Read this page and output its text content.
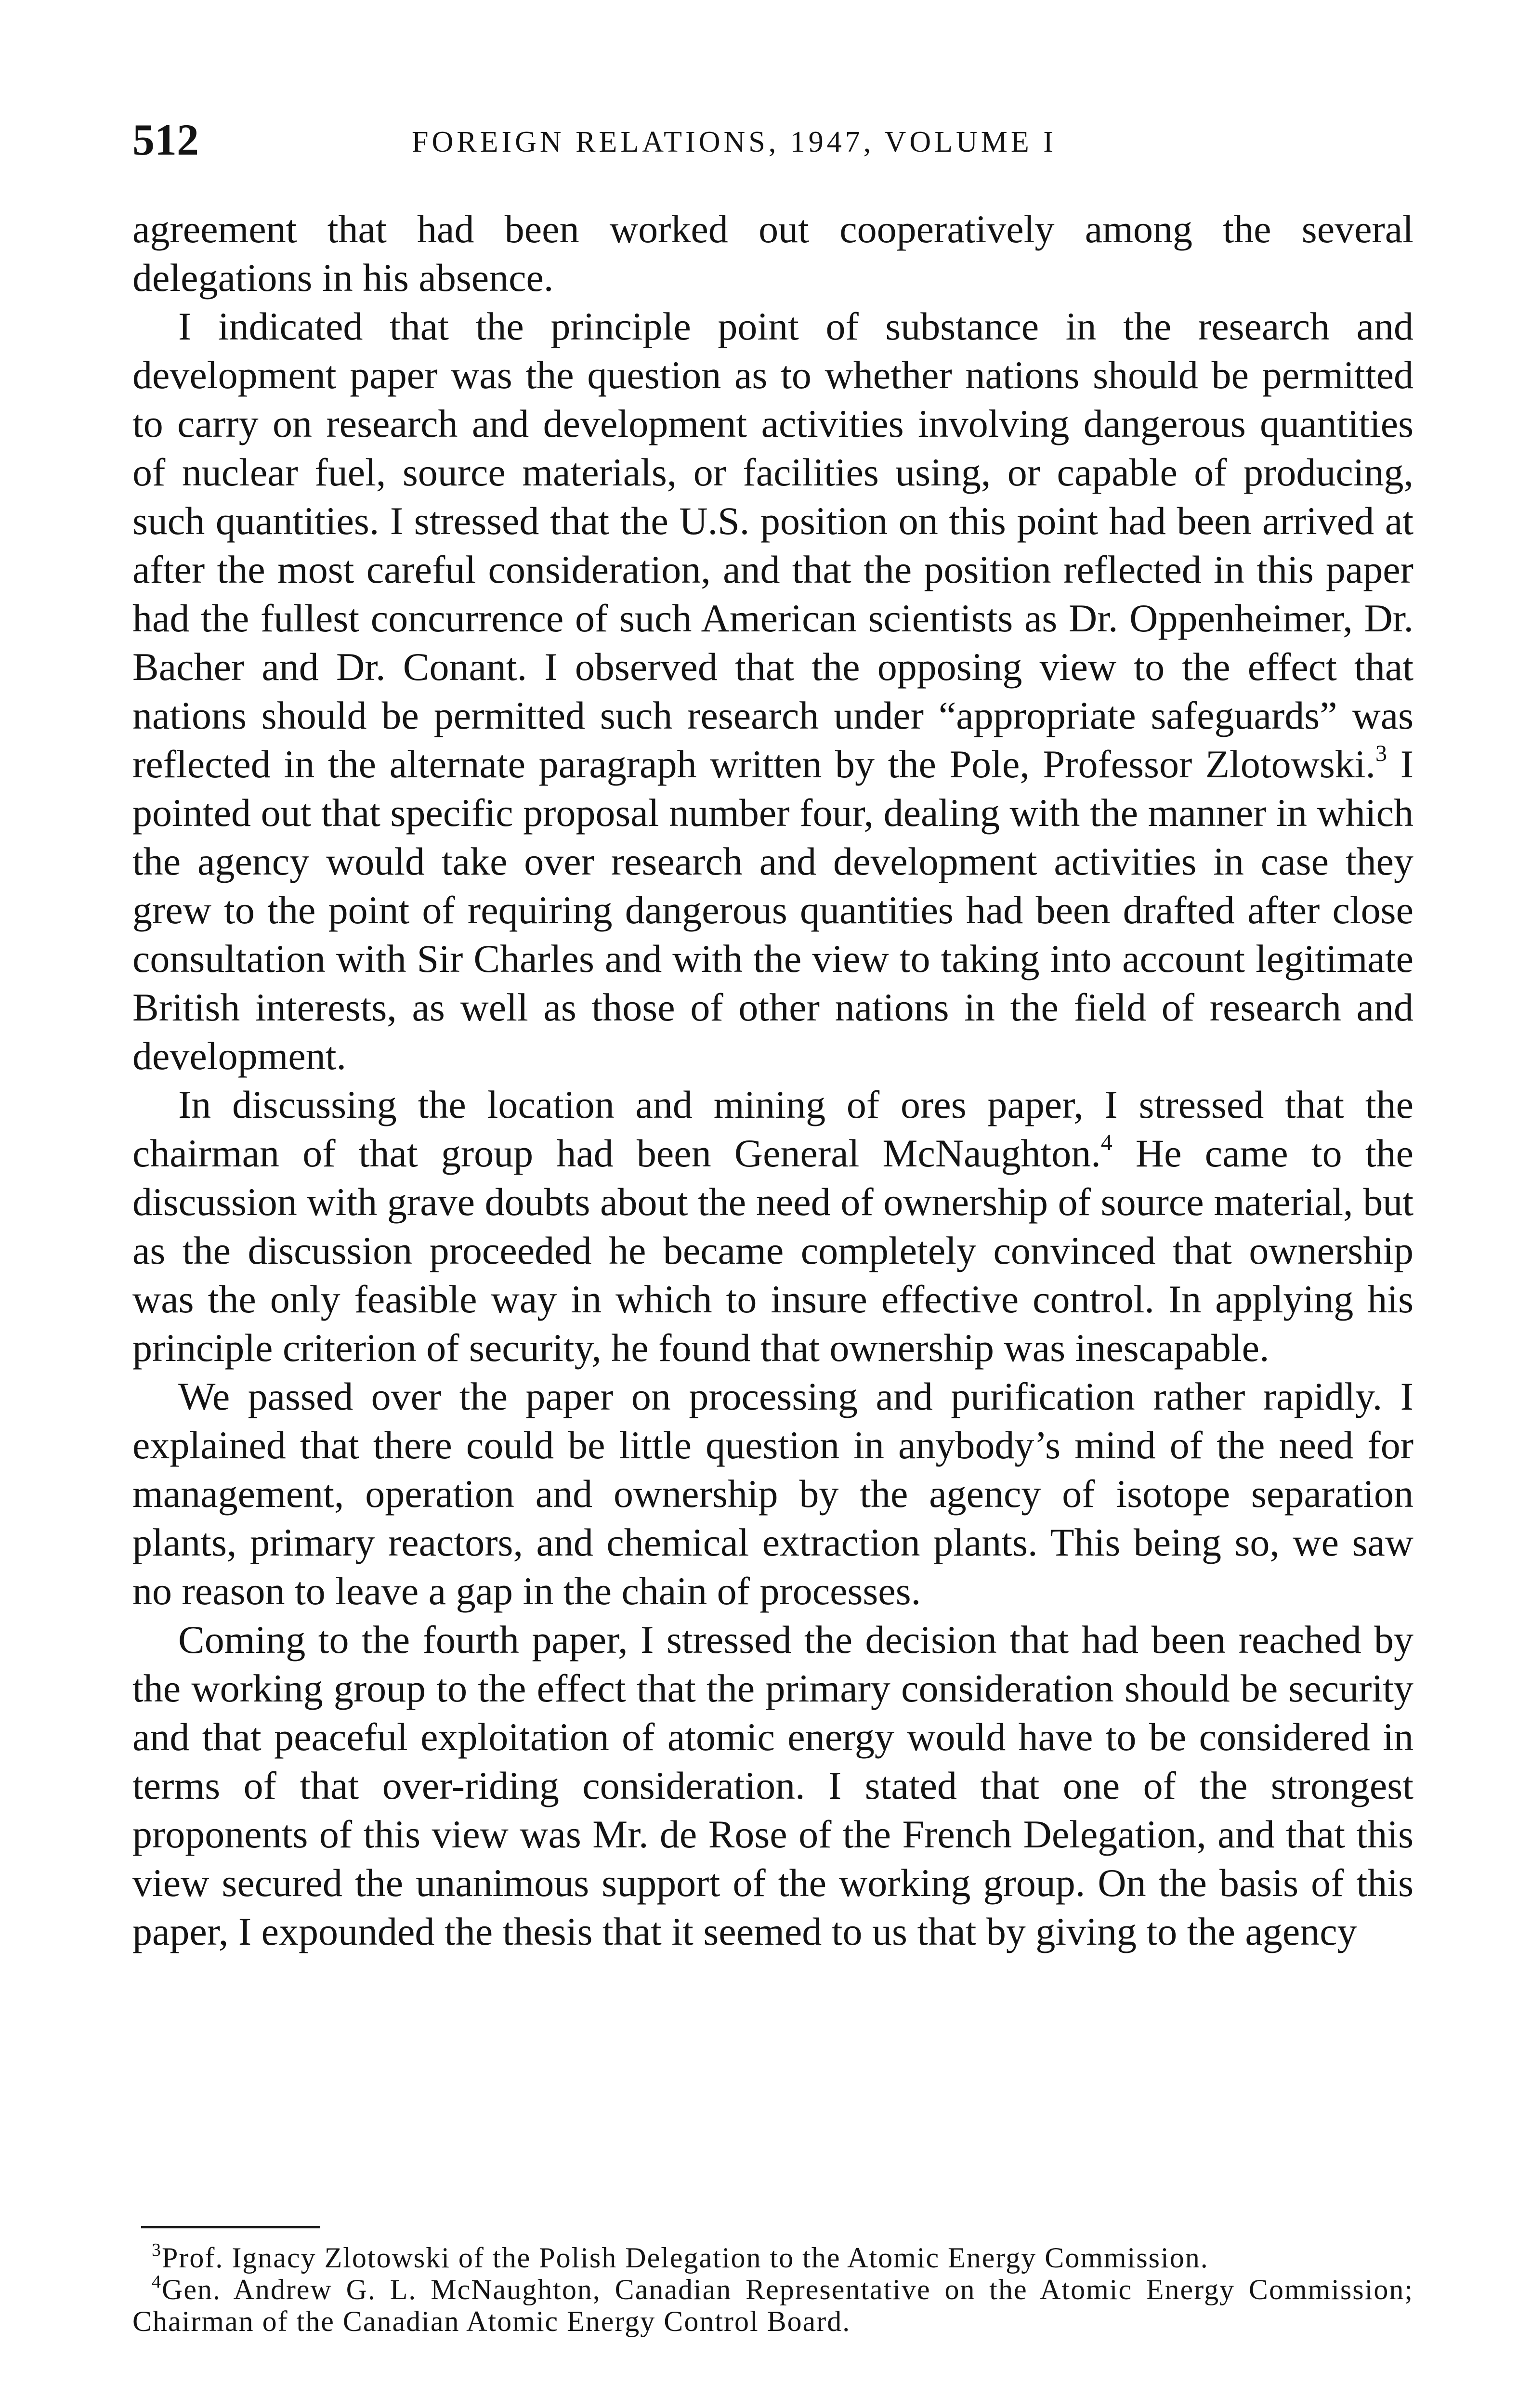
512	FOREIGN RELATIONS, 1947, VOLUME I

agreement that had been worked out cooperatively among the several delegations in his absence.

I indicated that the principle point of substance in the research and development paper was the question as to whether nations should be permitted to carry on research and development activities involving dangerous quantities of nuclear fuel, source materials, or facilities using, or capable of producing, such quantities. I stressed that the U.S. position on this point had been arrived at after the most careful consideration, and that the position reflected in this paper had the fullest concurrence of such American scientists as Dr. Oppenheimer, Dr. Bacher and Dr. Conant. I observed that the opposing view to the effect that nations should be permitted such research under “appropriate safeguards” was reflected in the alternate paragraph written by the Pole, Professor Zlotowski.$^3$ I pointed out that specific proposal number four, dealing with the manner in which the agency would take over research and development activities in case they grew to the point of requiring dangerous quantities had been drafted after close consultation with Sir Charles and with the view to taking into account legitimate British interests, as well as those of other nations in the field of research and development.

In discussing the location and mining of ores paper, I stressed that the chairman of that group had been General McNaughton.$^4$ He came to the discussion with grave doubts about the need of ownership of source material, but as the discussion proceeded he became completely convinced that ownership was the only feasible way in which to insure effective control. In applying his principle criterion of security, he found that ownership was inescapable.

We passed over the paper on processing and purification rather rapidly. I explained that there could be little question in anybody’s mind of the need for management, operation and ownership by the agency of isotope separation plants, primary reactors, and chemical extraction plants. This being so, we saw no reason to leave a gap in the chain of processes.

Coming to the fourth paper, I stressed the decision that had been reached by the working group to the effect that the primary consideration should be security and that peaceful exploitation of atomic energy would have to be considered in terms of that over-riding consideration. I stated that one of the strongest proponents of this view was Mr. de Rose of the French Delegation, and that this view secured the unanimous support of the working group. On the basis of this paper, I expounded the thesis that it seemed to us that by giving to the agency

$^3$Prof. Ignacy Zlotowski of the Polish Delegation to the Atomic Energy Commission.

$^4$Gen. Andrew G. L. McNaughton, Canadian Representative on the Atomic Energy Commission; Chairman of the Canadian Atomic Energy Control Board.
